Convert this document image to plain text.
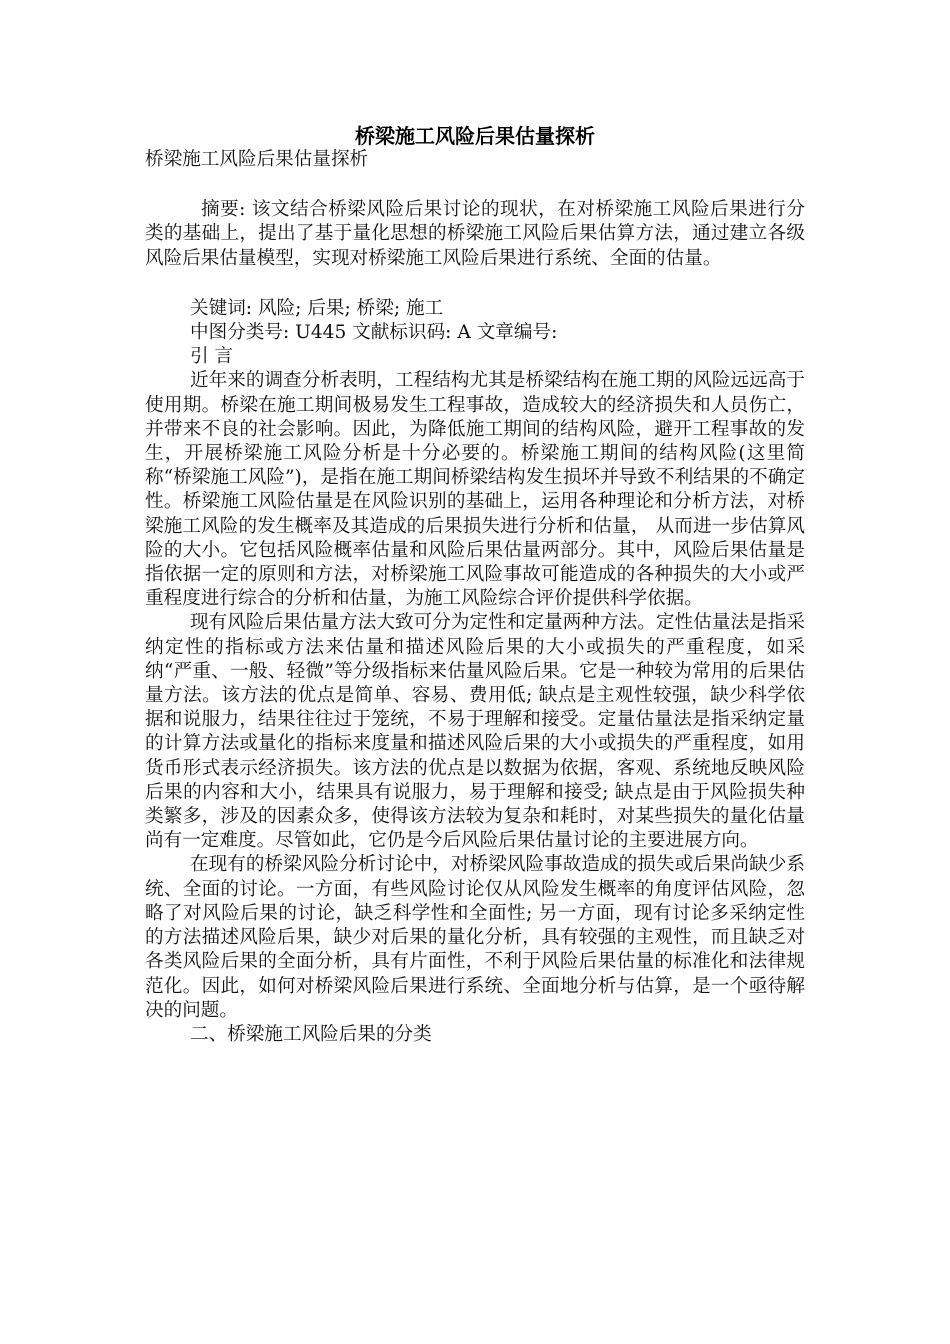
桥梁施工风险后果估量探析

桥梁施工风险后果估量探析

摘要: 该文结合桥梁风险后果讨论的现状，在对桥梁施工风险后果进行分类的基础上，提出了基于量化思想的桥梁施工风险后果估算方法，通过建立各级风险后果估量模型，实现对桥梁施工风险后果进行系统、全面的估量。

关键词: 风险; 后果; 桥梁; 施工

中图分类号: U445 文献标识码: A 文章编号:

引 言

近年来的调查分析表明，工程结构尤其是桥梁结构在施工期的风险远远高于使用期。桥梁在施工期间极易发生工程事故，造成较大的经济损失和人员伤亡，并带来不良的社会影响。因此，为降低施工期间的结构风险，避开工程事故的发生，开展桥梁施工风险分析是十分必要的。桥梁施工期间的结构风险(这里简称“桥梁施工风险”)，是指在施工期间桥梁结构发生损坏并导致不利结果的不确定性。桥梁施工风险估量是在风险识别的基础上，运用各种理论和分析方法，对桥梁施工风险的发生概率及其造成的后果损失进行分析和估量， 从而进一步估算风险的大小。它包括风险概率估量和风险后果估量两部分。其中，风险后果估量是指依据一定的原则和方法，对桥梁施工风险事故可能造成的各种损失的大小或严重程度进行综合的分析和估量，为施工风险综合评价提供科学依据。

现有风险后果估量方法大致可分为定性和定量两种方法。定性估量法是指采纳定性的指标或方法来估量和描述风险后果的大小或损失的严重程度，如采纳“严重、一般、轻微”等分级指标来估量风险后果。它是一种较为常用的后果估量方法。该方法的优点是简单、容易、费用低; 缺点是主观性较强，缺少科学依据和说服力，结果往往过于笼统，不易于理解和接受。定量估量法是指采纳定量的计算方法或量化的指标来度量和描述风险后果的大小或损失的严重程度，如用货币形式表示经济损失。该方法的优点是以数据为依据，客观、系统地反映风险后果的内容和大小，结果具有说服力，易于理解和接受; 缺点是由于风险损失种类繁多，涉及的因素众多，使得该方法较为复杂和耗时，对某些损失的量化估量尚有一定难度。尽管如此，它仍是今后风险后果估量讨论的主要进展方向。

在现有的桥梁风险分析讨论中，对桥梁风险事故造成的损失或后果尚缺少系统、全面的讨论。一方面，有些风险讨论仅从风险发生概率的角度评估风险，忽略了对风险后果的讨论，缺乏科学性和全面性; 另一方面，现有讨论多采纳定性的方法描述风险后果，缺少对后果的量化分析，具有较强的主观性，而且缺乏对各类风险后果的全面分析，具有片面性，不利于风险后果估量的标准化和法律规范化。因此，如何对桥梁风险后果进行系统、全面地分析与估算，是一个亟待解决的问题。

二、桥梁施工风险后果的分类
